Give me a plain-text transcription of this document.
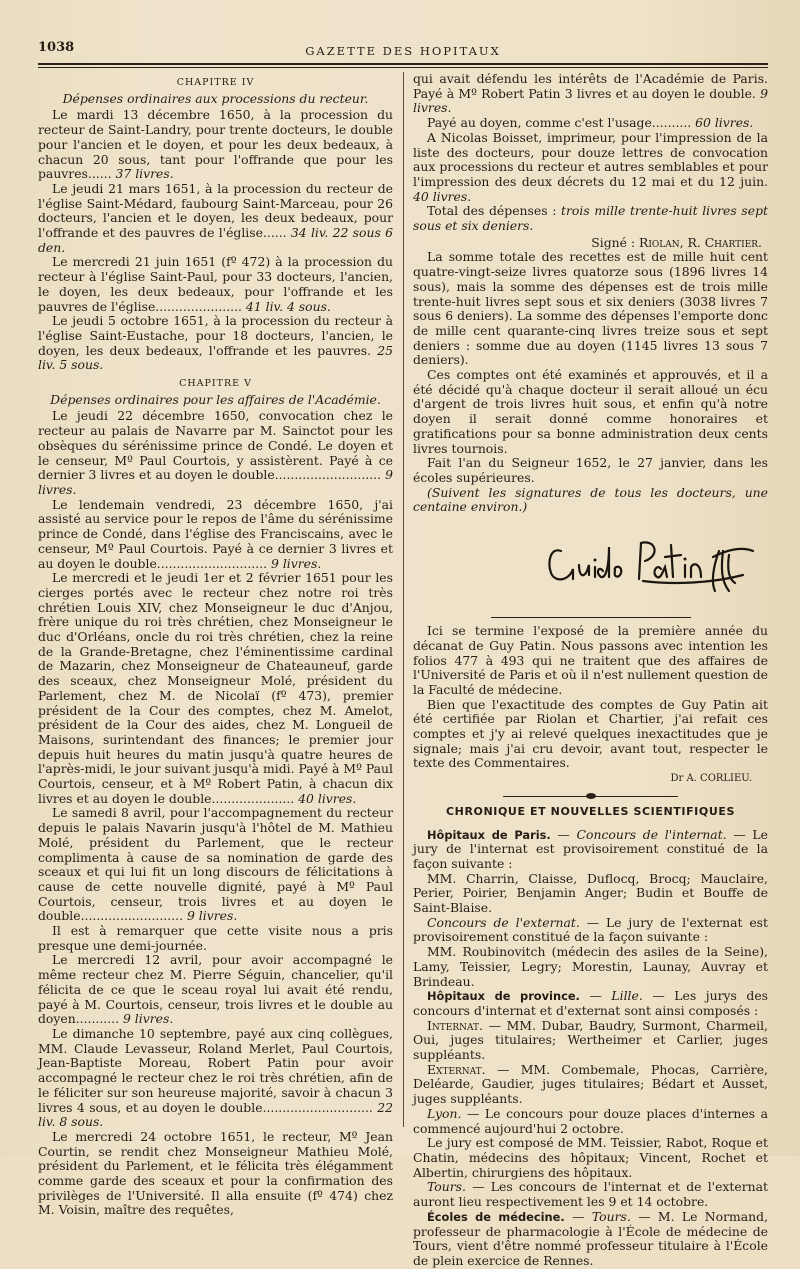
1038	GAZETTE DES HOPITAUX
CHAPITRE IV
Dépenses ordinaires aux processions du recteur.

Le mardi 13 décembre 1650, à la procession du recteur de Saint-Landry, pour trente docteurs, le double pour l'ancien et le doyen, et pour les deux bedeaux, à chacun 20 sous, tant pour l'offrande que pour les pauvres...... 37 livres.

Le jeudi 21 mars 1651, à la procession du recteur de l'église Saint-Médard, faubourg Saint-Marceau, pour 26 docteurs, l'ancien et le doyen, les deux bedeaux, pour l'offrande et des pauvres de l'église...... 34 liv. 22 sous 6 den.

Le mercredi 21 juin 1651 (fº 472) à la procession du recteur à l'église Saint-Paul, pour 33 docteurs, l'ancien, le doyen, les deux bedeaux, pour l'offrande et les pauvres de l'église...................... 41 liv. 4 sous.

Le jeudi 5 octobre 1651, à la procession du recteur à l'église Saint-Eustache, pour 18 docteurs, l'ancien, le doyen, les deux bedeaux, l'offrande et les pauvres. 25 liv. 5 sous.

CHAPITRE V
Dépenses ordinaires pour les affaires de l'Académie.

Le jeudi 22 décembre 1650, convocation chez le recteur au palais de Navarre par M. Sainctot pour les obsèques du sérénissime prince de Condé. Le doyen et le censeur, Mº Paul Courtois, y assistèrent. Payé à ce dernier 3 livres et au doyen le double........................... 9 livres.

Le lendemain vendredi, 23 décembre 1650, j'ai assisté au service pour le repos de l'âme du sérénissime prince de Condé, dans l'église des Franciscains, avec le censeur, Mº Paul Courtois. Payé à ce dernier 3 livres et au doyen le double............................ 9 livres.

Le mercredi et le jeudi 1er et 2 février 1651 pour les cierges portés avec le recteur chez notre roi très chrétien Louis XIV, chez Monseigneur le duc d'Anjou, frère unique du roi très chrétien, chez Monseigneur le duc d'Orléans, oncle du roi très chrétien, chez la reine de la Grande-Bretagne, chez l'éminentissime cardinal de Mazarin, chez Monseigneur de Chateauneuf, garde des sceaux, chez Monseigneur Molé, président du Parlement, chez M. de Nicolaï (fº 473), premier président de la Cour des comptes, chez M. Amelot, président de la Cour des aides, chez M. Longueil de Maisons, surintendant des finances; le premier jour depuis huit heures du matin jusqu'à quatre heures de l'après-midi, le jour suivant jusqu'à midi. Payé à Mº Paul Courtois, censeur, et à Mº Robert Patin, à chacun dix livres et au doyen le double..................... 40 livres.

Le samedi 8 avril, pour l'accompagnement du recteur depuis le palais Navarin jusqu'à l'hôtel de M. Mathieu Molé, président du Parlement, que le recteur complimenta à cause de sa nomination de garde des sceaux et qui lui fit un long discours de félicitations à cause de cette nouvelle dignité, payé à Mº Paul Courtois, censeur, trois livres et au doyen le double.......................... 9 livres.

Il est à remarquer que cette visite nous a pris presque une demi-journée.

Le mercredi 12 avril, pour avoir accompagné le même recteur chez M. Pierre Séguin, chancelier, qu'il félicita de ce que le sceau royal lui avait été rendu, payé à M. Courtois, censeur, trois livres et le double au doyen........... 9 livres.

Le dimanche 10 septembre, payé aux cinq collègues, MM. Claude Levasseur, Roland Merlet, Paul Courtois, Jean-Baptiste Moreau, Robert Patin pour avoir accompagné le recteur chez le roi très chrétien, afin de le féliciter sur son heureuse majorité, savoir à chacun 3 livres 4 sous, et au doyen le double............................ 22 liv. 8 sous.

Le mercredi 24 octobre 1651, le recteur, Mº Jean Courtin, se rendit chez Monseigneur Mathieu Molé, président du Parlement, et le félicita très élégamment comme garde des sceaux et pour la confirmation des privilèges de l'Université. Il alla ensuite (fº 474) chez M. Voisin, maître des requêtes,

qui avait défendu les intérêts de l'Académie de Paris. Payé à Mº Robert Patin 3 livres et au doyen le double. 9 livres.

Payé au doyen, comme c'est l'usage.......... 60 livres.

A Nicolas Boisset, imprimeur, pour l'impression de la liste des docteurs, pour douze lettres de convocation aux processions du recteur et autres semblables et pour l'impression des deux décrets du 12 mai et du 12 juin. 40 livres.

Total des dépenses : trois mille trente-huit livres sept sous et six deniers.

Signé : Riolan, R. Chartier.

La somme totale des recettes est de mille huit cent quatre-vingt-seize livres quatorze sous (1896 livres 14 sous), mais la somme des dépenses est de trois mille trente-huit livres sept sous et six deniers (3038 livres 7 sous 6 deniers). La somme des dépenses l'emporte donc de mille cent quarante-cinq livres treize sous et sept deniers : somme due au doyen (1145 livres 13 sous 7 deniers).

Ces comptes ont été examinés et approuvés, et il a été décidé qu'à chaque docteur il serait alloué un écu d'argent de trois livres huit sous, et enfin qu'à notre doyen il serait donné comme honoraires et gratifications pour sa bonne administration deux cents livres tournois.

Fait l'an du Seigneur 1652, le 27 janvier, dans les écoles supérieures.

(Suivent les signatures de tous les docteurs, une centaine environ.)

Ici se termine l'exposé de la première année du décanat de Guy Patin. Nous passons avec intention les folios 477 à 493 qui ne traitent que des affaires de l'Université de Paris et où il n'est nullement question de la Faculté de médecine.

Bien que l'exactitude des comptes de Guy Patin ait été certifiée par Riolan et Chartier, j'ai refait ces comptes et j'y ai relevé quelques inexactitudes que je signale; mais j'ai cru devoir, avant tout, respecter le texte des Commentaires.

Dr A. CORLIEU.
CHRONIQUE ET NOUVELLES SCIENTIFIQUES

Hôpitaux de Paris. — Concours de l'internat. — Le jury de l'internat est provisoirement constitué de la façon suivante :

MM. Charrin, Claisse, Duflocq, Brocq; Mauclaire, Perier, Poirier, Benjamin Anger; Budin et Bouffe de Saint-Blaise.

Concours de l'externat. — Le jury de l'externat est provisoirement constitué de la façon suivante :

MM. Roubinovitch (médecin des asiles de la Seine), Lamy, Teissier, Legry; Morestin, Launay, Auvray et Brindeau.

Hôpitaux de province. — Lille. — Les jurys des concours d'internat et d'externat sont ainsi composés :

Internat. — MM. Dubar, Baudry, Surmont, Charmeil, Oui, juges titulaires; Wertheimer et Carlier, juges suppléants.

Externat. — MM. Combemale, Phocas, Carrière, Deléarde, Gaudier, juges titulaires; Bédart et Ausset, juges suppléants.

Lyon. — Le concours pour douze places d'internes a commencé aujourd'hui 2 octobre.

Le jury est composé de MM. Teissier, Rabot, Roque et Chatin, médecins des hôpitaux; Vincent, Rochet et Albertin, chirurgiens des hôpitaux.

Tours. — Les concours de l'internat et de l'externat auront lieu respectivement les 9 et 14 octobre.

Écoles de médecine. — Tours. — M. Le Normand, professeur de pharmacologie à l'École de médecine de Tours, vient d'être nommé professeur titulaire à l'École de plein exercice de Rennes.
